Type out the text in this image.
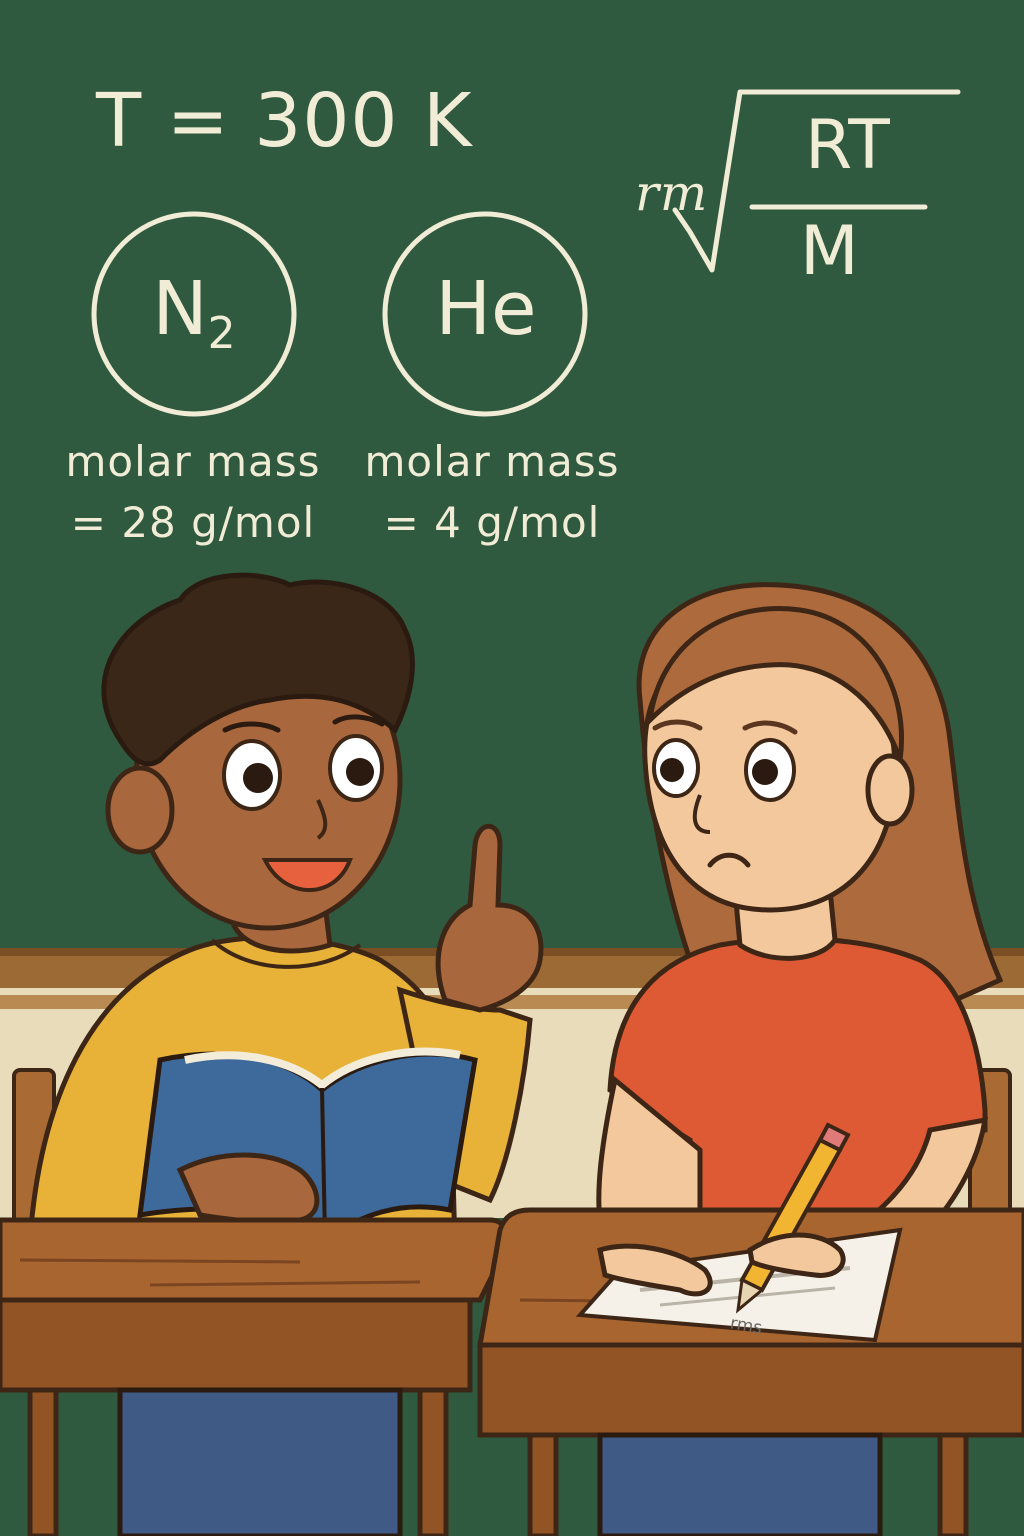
T = 300 K
N2	He
molar mass
= 28 g/mol
molar mass
= 4 g/mol
rm
RT
M
rms
